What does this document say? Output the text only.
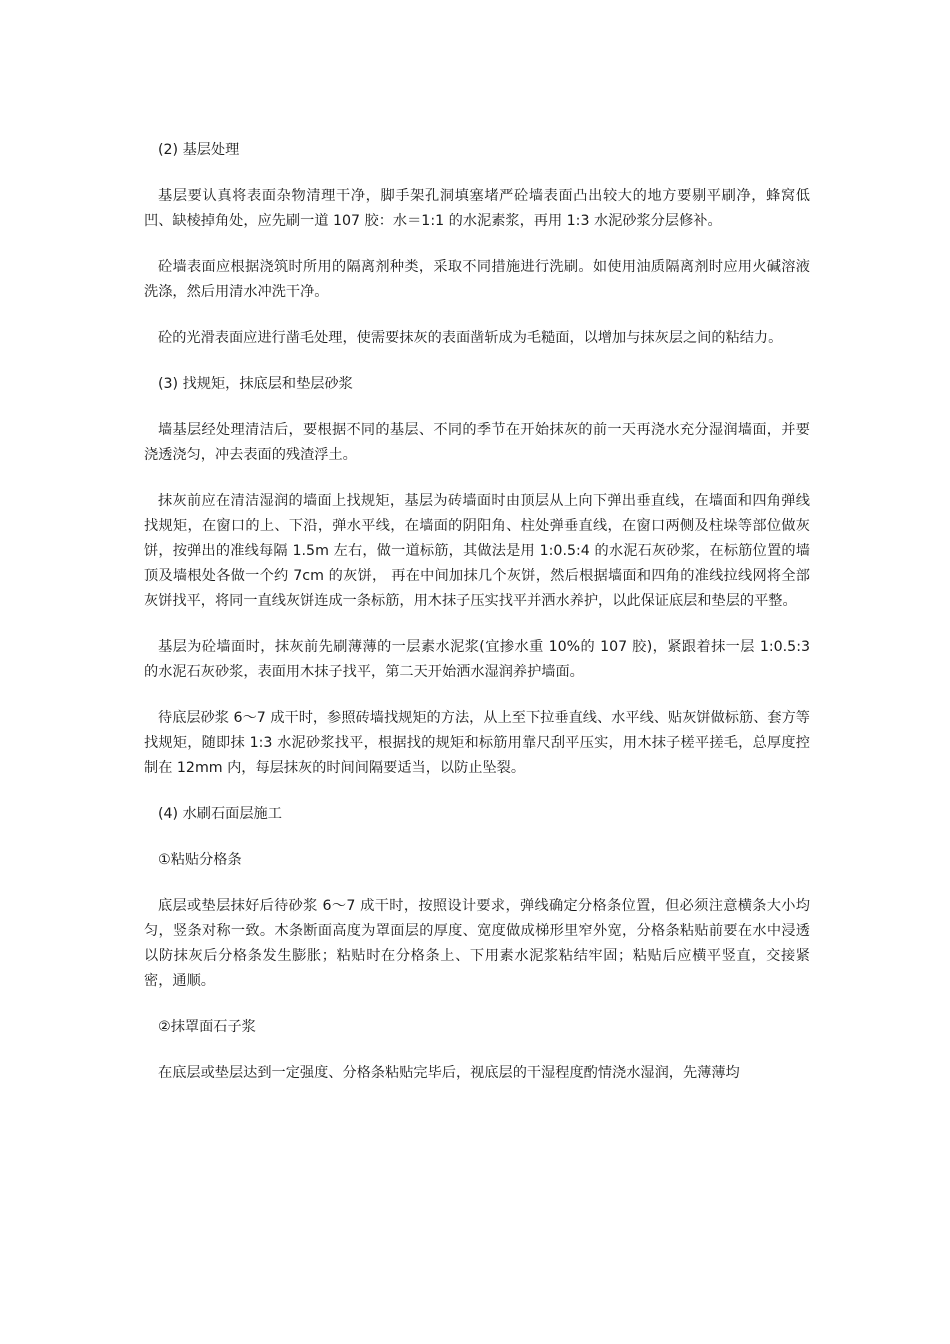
(2) 基层处理

基层要认真将表面杂物清理干净，脚手架孔洞填塞堵严砼墙表面凸出较大的地方要剔平刷净，蜂窝低凹、缺棱掉角处，应先刷一道 107 胶：水＝1:1 的水泥素浆，再用 1:3 水泥砂浆分层修补。

砼墙表面应根据浇筑时所用的隔离剂种类，采取不同措施进行洗刷。如使用油质隔离剂时应用火碱溶液洗涤，然后用清水冲洗干净。

砼的光滑表面应进行凿毛处理，使需要抹灰的表面凿斩成为毛糙面，以增加与抹灰层之间的粘结力。

(3) 找规矩，抹底层和垫层砂浆

墙基层经处理清洁后，要根据不同的基层、不同的季节在开始抹灰的前一天再浇水充分湿润墙面，并要浇透浇匀，冲去表面的残渣浮土。

抹灰前应在清洁湿润的墙面上找规矩，基层为砖墙面时由顶层从上向下弹出垂直线，在墙面和四角弹线找规矩，在窗口的上、下沿，弹水平线，在墙面的阴阳角、柱处弹垂直线，在窗口两侧及柱垛等部位做灰饼，按弹出的准线每隔 1.5m 左右，做一道标筋，其做法是用 1:0.5:4 的水泥石灰砂浆，在标筋位置的墙顶及墙根处各做一个约 7cm 的灰饼， 再在中间加抹几个灰饼，然后根据墙面和四角的准线拉线网将全部灰饼找平，将同一直线灰饼连成一条标筋，用木抹子压实找平并洒水养护，以此保证底层和垫层的平整。

基层为砼墙面时，抹灰前先刷薄薄的一层素水泥浆(宜掺水重 10%的 107 胶)，紧跟着抹一层 1:0.5:3 的水泥石灰砂浆，表面用木抹子找平，第二天开始洒水湿润养护墙面。

待底层砂浆 6～7 成干时，参照砖墙找规矩的方法，从上至下拉垂直线、水平线、贴灰饼做标筋、套方等找规矩，随即抹 1:3 水泥砂浆找平，根据找的规矩和标筋用靠尺刮平压实，用木抹子槎平搓毛，总厚度控制在 12mm 内，每层抹灰的时间间隔要适当，以防止坠裂。

(4) 水刷石面层施工

①粘贴分格条

底层或垫层抹好后待砂浆 6～7 成干时，按照设计要求，弹线确定分格条位置，但必须注意横条大小均匀，竖条对称一致。木条断面高度为罩面层的厚度、宽度做成梯形里窄外宽，分格条粘贴前要在水中浸透以防抹灰后分格条发生膨胀；粘贴时在分格条上、下用素水泥浆粘结牢固；粘贴后应横平竖直，交接紧密，通顺。

②抹罩面石子浆

在底层或垫层达到一定强度、分格条粘贴完毕后，视底层的干湿程度酌情浇水湿润，先薄薄均
